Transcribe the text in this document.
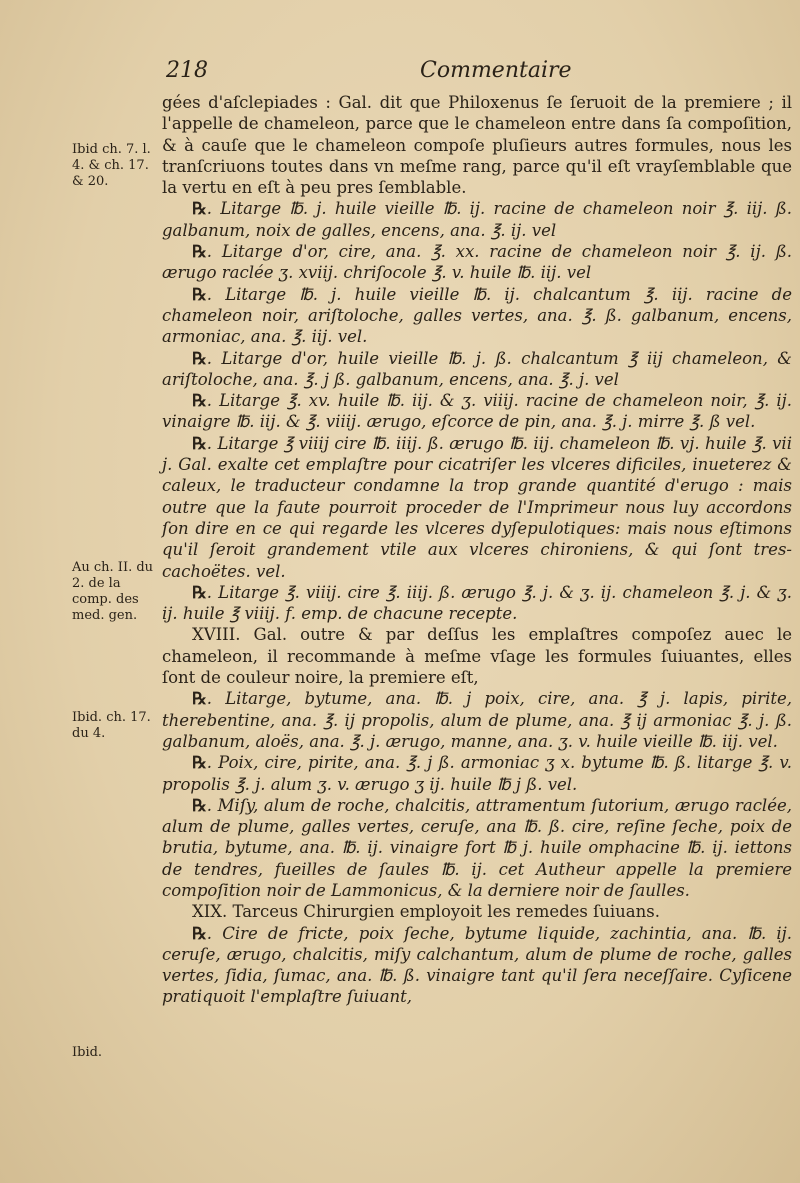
218	Commentaire
Ibid ch. 7. l. 4. & ch. 17. & 20.
Au ch. II. du 2. de la comp. des med. gen.
Ibid. ch. 17. du 4.
Ibid.

gées d'aſclepiades : Gal. dit que Philoxenus ſe ſeruoit de la premiere ; il l'appelle de chameleon, parce que le chameleon entre dans ſa compoſition, & à cauſe que le chameleon compoſe pluſieurs autres formules, nous les tranſcriuons toutes dans vn meſme rang, parce qu'il eſt vrayſemblable que la vertu en eſt à peu pres ſemblable.

℞. Litarge ℔. j. huile vieille ℔. ij. racine de chameleon noir ℥. iij. ß. galbanum, noix de galles, encens, ana. ℥. ij. vel

℞. Litarge d'or, cire, ana. ℥. xx. racine de chameleon noir ℥. ij. ß. ærugo raclée ʒ. xviij. chriſocole ℥. v. huile ℔. iij. vel

℞. Litarge ℔. j. huile vieille ℔. ij. chalcantum ℥. iij. racine de chameleon noir, ariſtoloche, galles vertes, ana. ℥. ß. galbanum, encens, armoniac, ana. ℥. iij. vel.

℞. Litarge d'or, huile vieille ℔. j. ß. chalcantum ℥ iij chameleon, & ariſtoloche, ana. ℥. j ß. galbanum, encens, ana. ℥. j. vel

℞. Litarge ℥. xv. huile ℔. iij. & ʒ. viiij. racine de chameleon noir, ℥. ij. vinaigre ℔. iij. & ℥. viiij. ærugo, eſcorce de pin, ana. ℥. j. mirre ℥. ß vel.

℞. Litarge ℥ viiij cire ℔. iiij. ß. ærugo ℔. iij. chameleon ℔. vj. huile ℥. vii j. Gal. exalte cet emplaſtre pour cicatriſer les vlceres dificiles, inueterez & caleux, le traducteur condamne la trop grande quantité d'erugo : mais outre que la faute pourroit proceder de l'Imprimeur nous luy accordons ſon dire en ce qui regarde les vlceres dyſepulotiques: mais nous eſtimons qu'il ſeroit grandement vtile aux vlceres chironiens, & qui ſont tres-cachoëtes. vel.

℞. Litarge ℥. viiij. cire ℥. iiij. ß. ærugo ℥. j. & ʒ. ij. chameleon ℥. j. & ʒ. ij. huile ℥ viiij. f. emp. de chacune recepte.

XVIII. Gal. outre & par deſſus les emplaſtres compoſez auec le chameleon, il recommande à meſme vſage les formules ſuiuantes, elles ſont de couleur noire, la premiere eſt,

℞. Litarge, bytume, ana. ℔. j poix, cire, ana. ℥ j. lapis, pirite, therebentine, ana. ℥. ij propolis, alum de plume, ana. ℥ ij armoniac ℥. j. ß. galbanum, aloës, ana. ℥. j. ærugo, manne, ana. ʒ. v. huile vieille ℔. iij. vel.

℞. Poix, cire, pirite, ana. ℥. j ß. armoniac ʒ x. bytume ℔. ß. litarge ℥. v. propolis ℥. j. alum ʒ. v. ærugo ʒ ij. huile ℔ j ß. vel.

℞. Miſy, alum de roche, chalcitis, attramentum ſutorium, ærugo raclée, alum de plume, galles vertes, ceruſe, ana ℔. ß. cire, reſine ſeche, poix de brutia, bytume, ana. ℔. ij. vinaigre fort ℔ j. huile omphacine ℔. ij. iettons de tendres, fueilles de ſaules ℔. ij. cet Autheur appelle la premiere compoſition noir de Lammonicus, & la derniere noir de ſaulles.

XIX. Tarceus Chirurgien employoit les remedes ſuiuans.

℞. Cire de fricte, poix ſeche, bytume liquide, zachintia, ana. ℔. ij. ceruſe, ærugo, chalcitis, miſy calchantum, alum de plume de roche, galles vertes, ſidia, ſumac, ana. ℔. ß. vinaigre tant qu'il ſera neceſſaire. Cyſicene pratiquoit l'emplaſtre ſuiuant,
